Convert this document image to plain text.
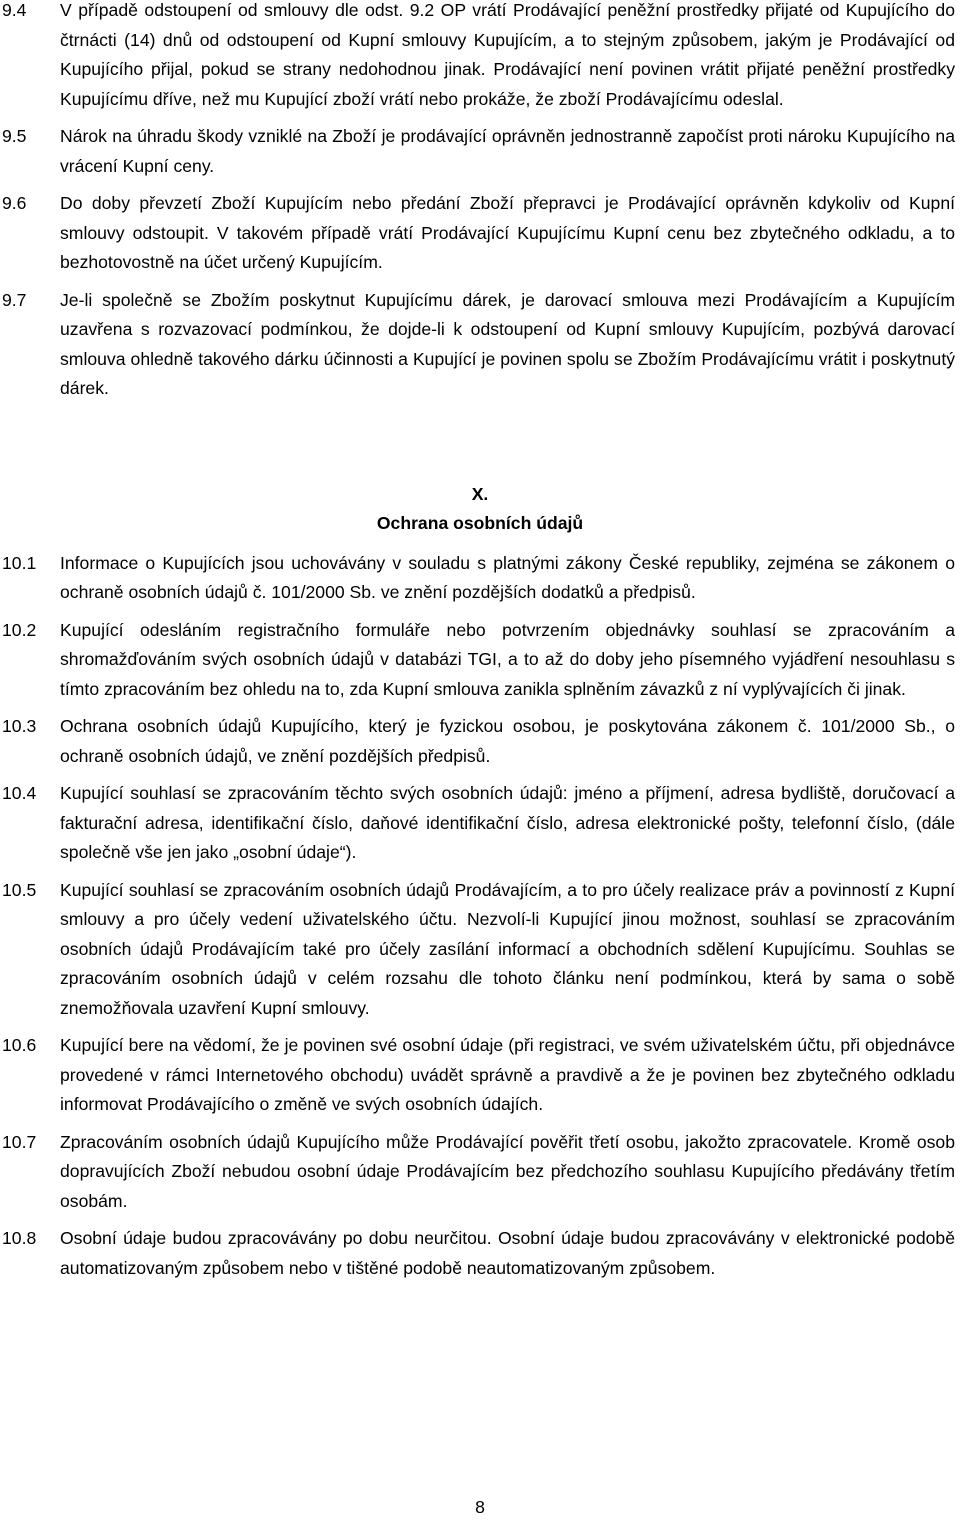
9.4	V případě odstoupení od smlouvy dle odst. 9.2 OP vrátí Prodávající peněžní prostředky přijaté od Kupujícího do čtrnácti (14) dnů od odstoupení od Kupní smlouvy Kupujícím, a to stejným způsobem, jakým je Prodávající od Kupujícího přijal, pokud se strany nedohodnou jinak. Prodávající není povinen vrátit přijaté peněžní prostředky Kupujícímu dříve, než mu Kupující zboží vrátí nebo prokáže, že zboží Prodávajícímu odeslal.

9.5	Nárok na úhradu škody vzniklé na Zboží je prodávající oprávněn jednostranně započíst proti nároku Kupujícího na vrácení Kupní ceny.

9.6	Do doby převzetí Zboží Kupujícím nebo předání Zboží přepravci je Prodávající oprávněn kdykoliv od Kupní smlouvy odstoupit. V takovém případě vrátí Prodávající Kupujícímu Kupní cenu bez zbytečného odkladu, a to bezhotovostně na účet určený Kupujícím.

9.7	Je-li společně se Zbožím poskytnut Kupujícímu dárek, je darovací smlouva mezi Prodávajícím a Kupujícím uzavřena s rozvazovací podmínkou, že dojde-li k odstoupení od Kupní smlouvy Kupujícím, pozbývá darovací smlouva ohledně takového dárku účinnosti a Kupující je povinen spolu se Zbožím Prodávajícímu vrátit i poskytnutý dárek.

X.
Ochrana osobních údajů
10.1	Informace o Kupujících jsou uchovávány v souladu s platnými zákony České republiky, zejména se zákonem o ochraně osobních údajů č. 101/2000 Sb. ve znění pozdějších dodatků a předpisů.

10.2	Kupující odesláním registračního formuláře nebo potvrzením objednávky souhlasí se zpracováním a shromažďováním svých osobních údajů v databázi TGI, a to až do doby jeho písemného vyjádření nesouhlasu s tímto zpracováním bez ohledu na to, zda Kupní smlouva zanikla splněním závazků z ní vyplývajících či jinak.

10.3	Ochrana osobních údajů Kupujícího, který je fyzickou osobou, je poskytována zákonem č. 101/2000 Sb., o ochraně osobních údajů, ve znění pozdějších předpisů.

10.4	Kupující souhlasí se zpracováním těchto svých osobních údajů: jméno a příjmení, adresa bydliště, doručovací a fakturační adresa, identifikační číslo, daňové identifikační číslo, adresa elektronické pošty, telefonní číslo, (dále společně vše jen jako „osobní údaje“).

10.5	Kupující souhlasí se zpracováním osobních údajů Prodávajícím, a to pro účely realizace práv a povinností z Kupní smlouvy a pro účely vedení uživatelského účtu. Nezvolí-li Kupující jinou možnost, souhlasí se zpracováním osobních údajů Prodávajícím také pro účely zasílání informací a obchodních sdělení Kupujícímu. Souhlas se zpracováním osobních údajů v celém rozsahu dle tohoto článku není podmínkou, která by sama o sobě znemožňovala uzavření Kupní smlouvy.

10.6	Kupující bere na vědomí, že je povinen své osobní údaje (při registraci, ve svém uživatelském účtu, při objednávce provedené v rámci Internetového obchodu) uvádět správně a pravdivě a že je povinen bez zbytečného odkladu informovat Prodávajícího o změně ve svých osobních údajích.

10.7	Zpracováním osobních údajů Kupujícího může Prodávající pověřit třetí osobu, jakožto zpracovatele. Kromě osob dopravujících Zboží nebudou osobní údaje Prodávajícím bez předchozího souhlasu Kupujícího předávány třetím osobám.

10.8	Osobní údaje budou zpracovávány po dobu neurčitou. Osobní údaje budou zpracovávány v elektronické podobě automatizovaným způsobem nebo v tištěné podobě neautomatizovaným způsobem.

8
